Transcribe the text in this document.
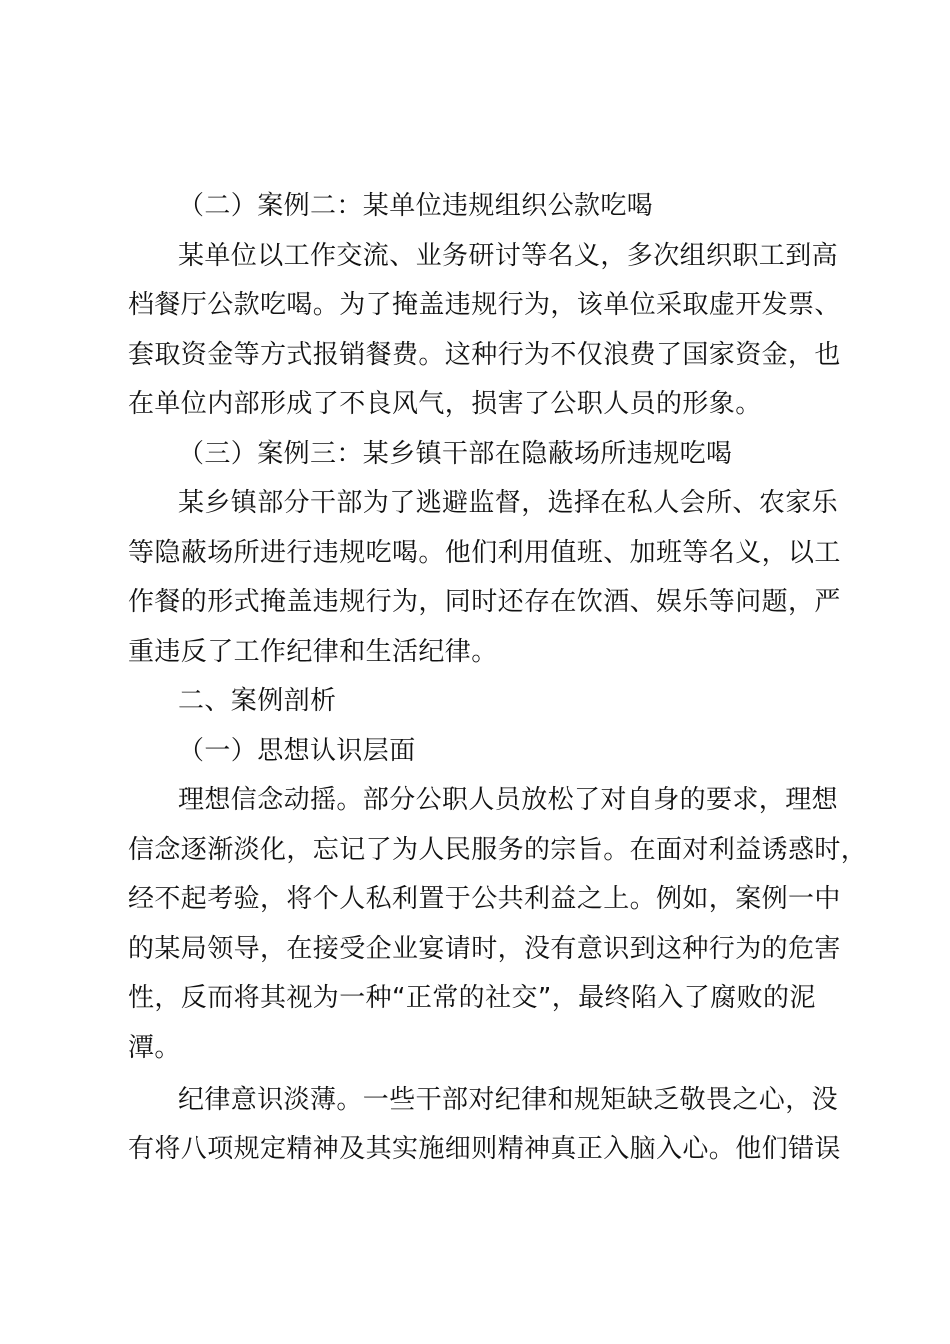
（二）案例二：某单位违规组织公款吃喝
某单位以工作交流、业务研讨等名义，多次组织职工到高
档餐厅公款吃喝。为了掩盖违规行为，该单位采取虚开发票、
套取资金等方式报销餐费。这种行为不仅浪费了国家资金，也
在单位内部形成了不良风气，损害了公职人员的形象。
（三）案例三：某乡镇干部在隐蔽场所违规吃喝
某乡镇部分干部为了逃避监督，选择在私人会所、农家乐
等隐蔽场所进行违规吃喝。他们利用值班、加班等名义，以工
作餐的形式掩盖违规行为，同时还存在饮酒、娱乐等问题，严
重违反了工作纪律和生活纪律。
二、案例剖析
（一）思想认识层面
理想信念动摇。部分公职人员放松了对自身的要求，理想
信念逐渐淡化，忘记了为人民服务的宗旨。在面对利益诱惑时，
经不起考验，将个人私利置于公共利益之上。例如，案例一中
的某局领导，在接受企业宴请时，没有意识到这种行为的危害
性，反而将其视为一种“正常的社交”，最终陷入了腐败的泥
潭。
纪律意识淡薄。一些干部对纪律和规矩缺乏敬畏之心，没
有将八项规定精神及其实施细则精神真正入脑入心。他们错误
